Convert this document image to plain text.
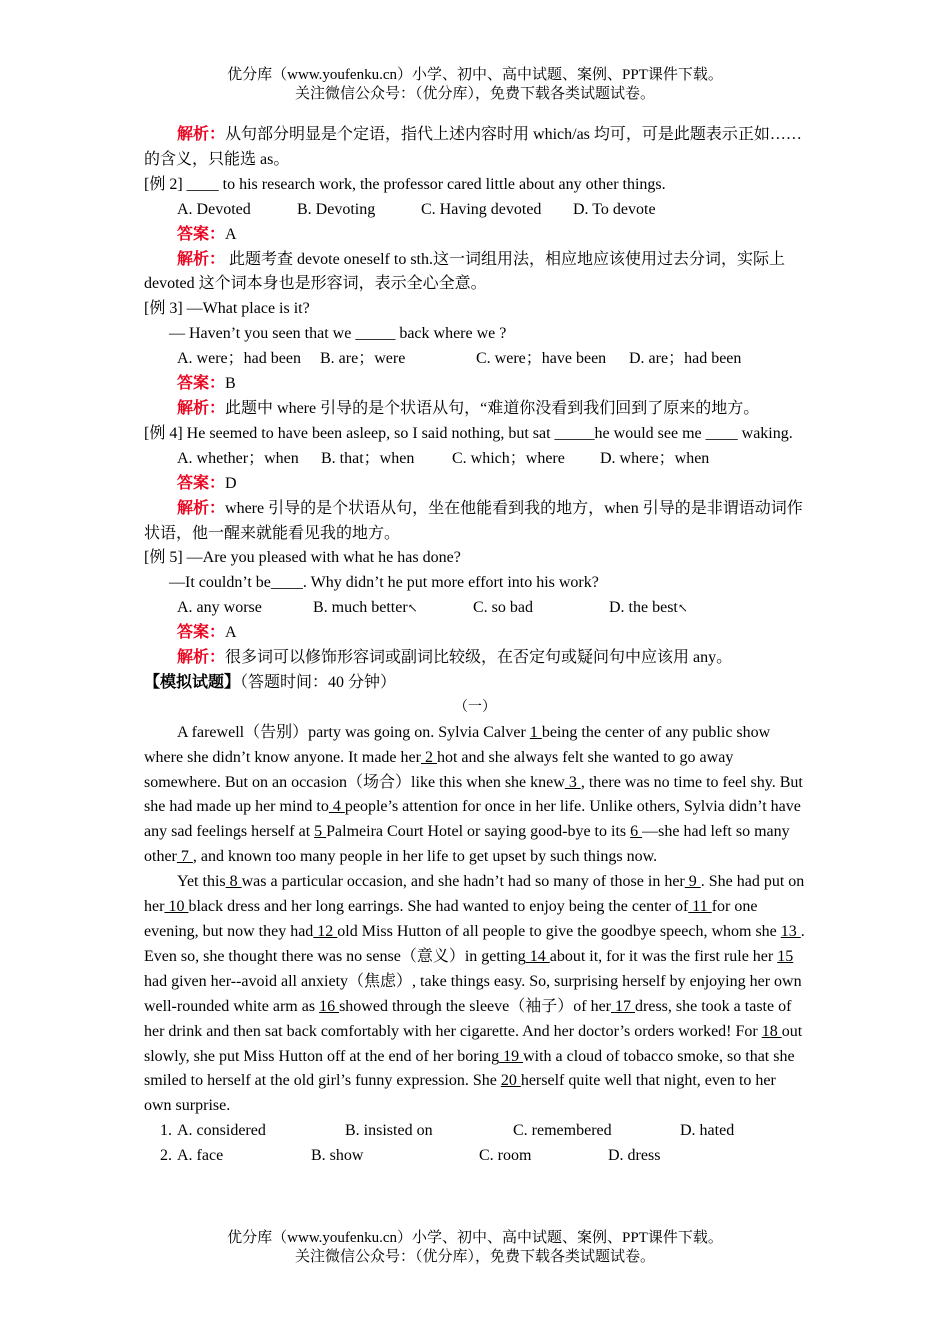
优分库（www.youfenku.cn）小学、初中、高中试题、案例、PPT课件下载。
关注微信公众号：（优分库），免费下载各类试题试卷。

解析：从句部分明显是个定语，指代上述内容时用 which/as 均可，可是此题表示正如……的含义，只能选 as。

[例 2] ____ to his research work, the professor cared little about any other things.

A. Devoted	B. Devoting	C. Having devoted	D. To devote

答案：A

解析： 此题考查 devote oneself to sth.这一词组用法，相应地应该使用过去分词，实际上 devoted 这个词本身也是形容词，表示全心全意。

[例 3] —What place is it?

— Haven’t you seen that we _____ back where we ?

A. were；had been	B. are；were	C. were；have been	D. are；had been

答案：B

解析：此题中 where 引导的是个状语从句，“难道你没看到我们回到了原来的地方。

[例 4] He seemed to have been asleep, so I said nothing, but sat _____he would see me ____ waking.

A. whether；when	B. that；when	C. which；where	D. where；when

答案：D

解析：where 引导的是个状语从句，坐在他能看到我的地方，when 引导的是非谓语动词作状语，他一醒来就能看见我的地方。

[例 5] —Are you pleased with what he has done?

—It couldn’t be____. Why didn’t he put more effort into his work?

A. any worse	B. much better↖	C. so bad	D. the best↖

答案：A

解析：很多词可以修饰形容词或副词比较级，在否定句或疑问句中应该用 any。

【模拟试题】（答题时间：40 分钟）

（一）

A farewell（告别）party was going on. Sylvia Calver 1 being the center of any public show where she didn’t know anyone. It made her 2 hot and she always felt she wanted to go away somewhere. But on an occasion（场合）like this when she knew 3 , there was no time to feel shy. But she had made up her mind to 4 people’s attention for once in her life. Unlike others, Sylvia didn’t have any sad feelings herself at 5 Palmeira Court Hotel or saying good-bye to its 6 —she had left so many other 7 , and known too many people in her life to get upset by such things now.

Yet this 8 was a particular occasion, and she hadn’t had so many of those in her 9 . She had put on her 10 black dress and her long earrings. She had wanted to enjoy being the center of 11 for one evening, but now they had 12 old Miss Hutton of all people to give the goodbye speech, whom she 13 . Even so, she thought there was no sense（意义）in getting 14 about it, for it was the first rule her 15 had given her--avoid all anxiety（焦虑）, take things easy. So, surprising herself by enjoying her own well-rounded white arm as 16 showed through the sleeve（袖子）of her 17 dress, she took a taste of her drink and then sat back comfortably with her cigarette. And her doctor’s orders worked! For 18 out slowly, she put Miss Hutton off at the end of her boring 19 with a cloud of tobacco smoke, so that she smiled to herself at the old girl’s funny expression. She 20 herself quite well that night, even to her own surprise.

1. A. considered	B. insisted on	C. remembered	D. hated
2. A. face	B. show	C. room	D. dress
优分库（www.youfenku.cn）小学、初中、高中试题、案例、PPT课件下载。
关注微信公众号：（优分库），免费下载各类试题试卷。
